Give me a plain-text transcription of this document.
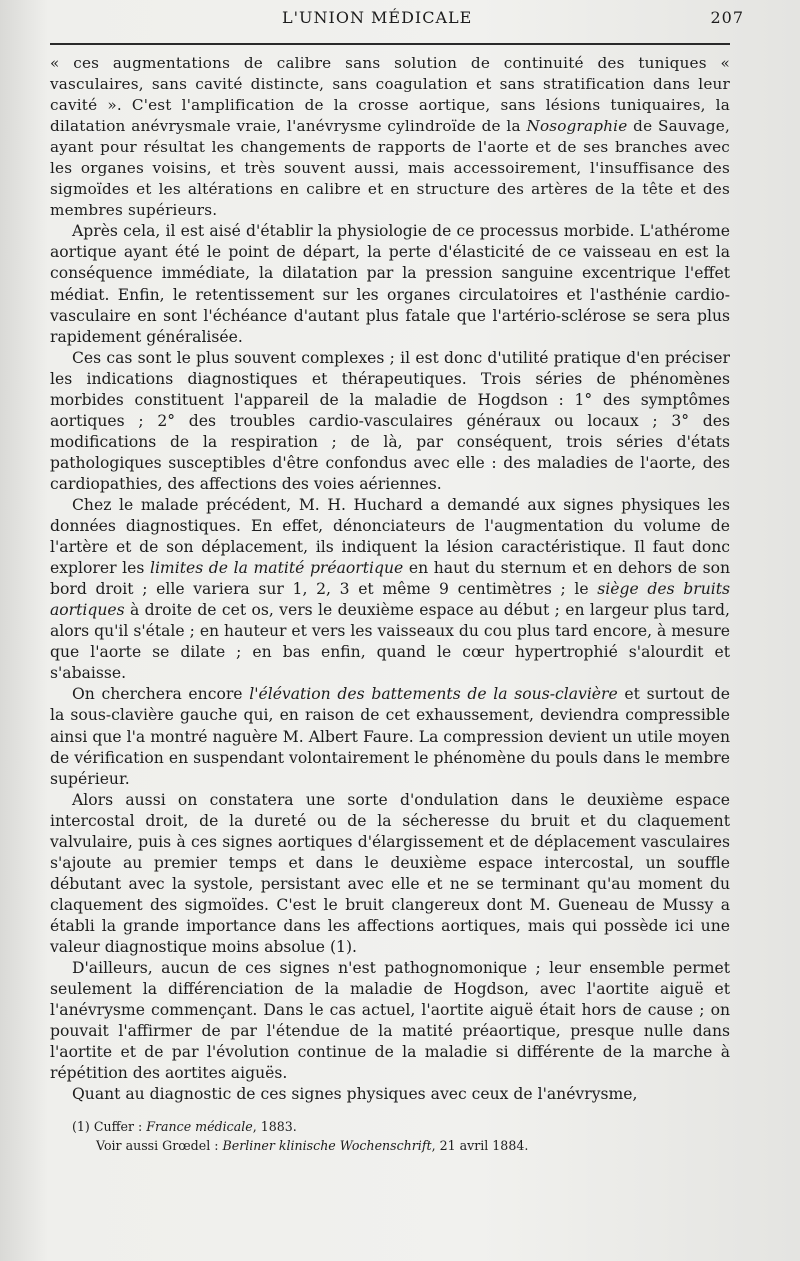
L'UNION MÉDICALE	207

« ces augmentations de calibre sans solution de continuité des tuniques « vasculaires, sans cavité distincte, sans coagulation et sans stratification dans leur cavité ». C'est l'amplification de la crosse aortique, sans lésions tuniquaires, la dilatation anévrysmale vraie, l'anévrysme cylindroïde de la Nosographie de Sauvage, ayant pour résultat les changements de rapports de l'aorte et de ses branches avec les organes voisins, et très souvent aussi, mais accessoirement, l'insuffisance des sigmoïdes et les altérations en calibre et en structure des artères de la tête et des membres supérieurs.

Après cela, il est aisé d'établir la physiologie de ce processus morbide. L'athérome aortique ayant été le point de départ, la perte d'élasticité de ce vaisseau en est la conséquence immédiate, la dilatation par la pression sanguine excentrique l'effet médiat. Enfin, le retentissement sur les organes circulatoires et l'asthénie cardio-vasculaire en sont l'échéance d'autant plus fatale que l'artério-sclérose se sera plus rapidement généralisée.

Ces cas sont le plus souvent complexes ; il est donc d'utilité pratique d'en préciser les indications diagnostiques et thérapeutiques. Trois séries de phénomènes morbides constituent l'appareil de la maladie de Hogdson : 1° des symptômes aortiques ; 2° des troubles cardio-vasculaires généraux ou locaux ; 3° des modifications de la respiration ; de là, par conséquent, trois séries d'états pathologiques susceptibles d'être confondus avec elle : des maladies de l'aorte, des cardiopathies, des affections des voies aériennes.

Chez le malade précédent, M. H. Huchard a demandé aux signes physiques les données diagnostiques. En effet, dénonciateurs de l'augmentation du volume de l'artère et de son déplacement, ils indiquent la lésion caractéristique. Il faut donc explorer les limites de la matité préaortique en haut du sternum et en dehors de son bord droit ; elle variera sur 1, 2, 3 et même 9 centimètres ; le siège des bruits aortiques à droite de cet os, vers le deuxième espace au début ; en largeur plus tard, alors qu'il s'étale ; en hauteur et vers les vaisseaux du cou plus tard encore, à mesure que l'aorte se dilate ; en bas enfin, quand le cœur hypertrophié s'alourdit et s'abaisse.

On cherchera encore l'élévation des battements de la sous-clavière et surtout de la sous-clavière gauche qui, en raison de cet exhaussement, deviendra compressible ainsi que l'a montré naguère M. Albert Faure. La compression devient un utile moyen de vérification en suspendant volontairement le phénomène du pouls dans le membre supérieur.

Alors aussi on constatera une sorte d'ondulation dans le deuxième espace intercostal droit, de la dureté ou de la sécheresse du bruit et du claquement valvulaire, puis à ces signes aortiques d'élargissement et de déplacement vasculaires s'ajoute au premier temps et dans le deuxième espace intercostal, un souffle débutant avec la systole, persistant avec elle et ne se terminant qu'au moment du claquement des sigmoïdes. C'est le bruit clangereux dont M. Gueneau de Mussy a établi la grande importance dans les affections aortiques, mais qui possède ici une valeur diagnostique moins absolue (1).

D'ailleurs, aucun de ces signes n'est pathognomonique ; leur ensemble permet seulement la différenciation de la maladie de Hogdson, avec l'aortite aiguë et l'anévrysme commençant. Dans le cas actuel, l'aortite aiguë était hors de cause ; on pouvait l'affirmer de par l'étendue de la matité préaortique, presque nulle dans l'aortite et de par l'évolution continue de la maladie si différente de la marche à répétition des aortites aiguës.

Quant au diagnostic de ces signes physiques avec ceux de l'anévrysme,

(1) Cuffer : France médicale, 1883.
Voir aussi Grœdel : Berliner klinische Wochenschrift, 21 avril 1884.
